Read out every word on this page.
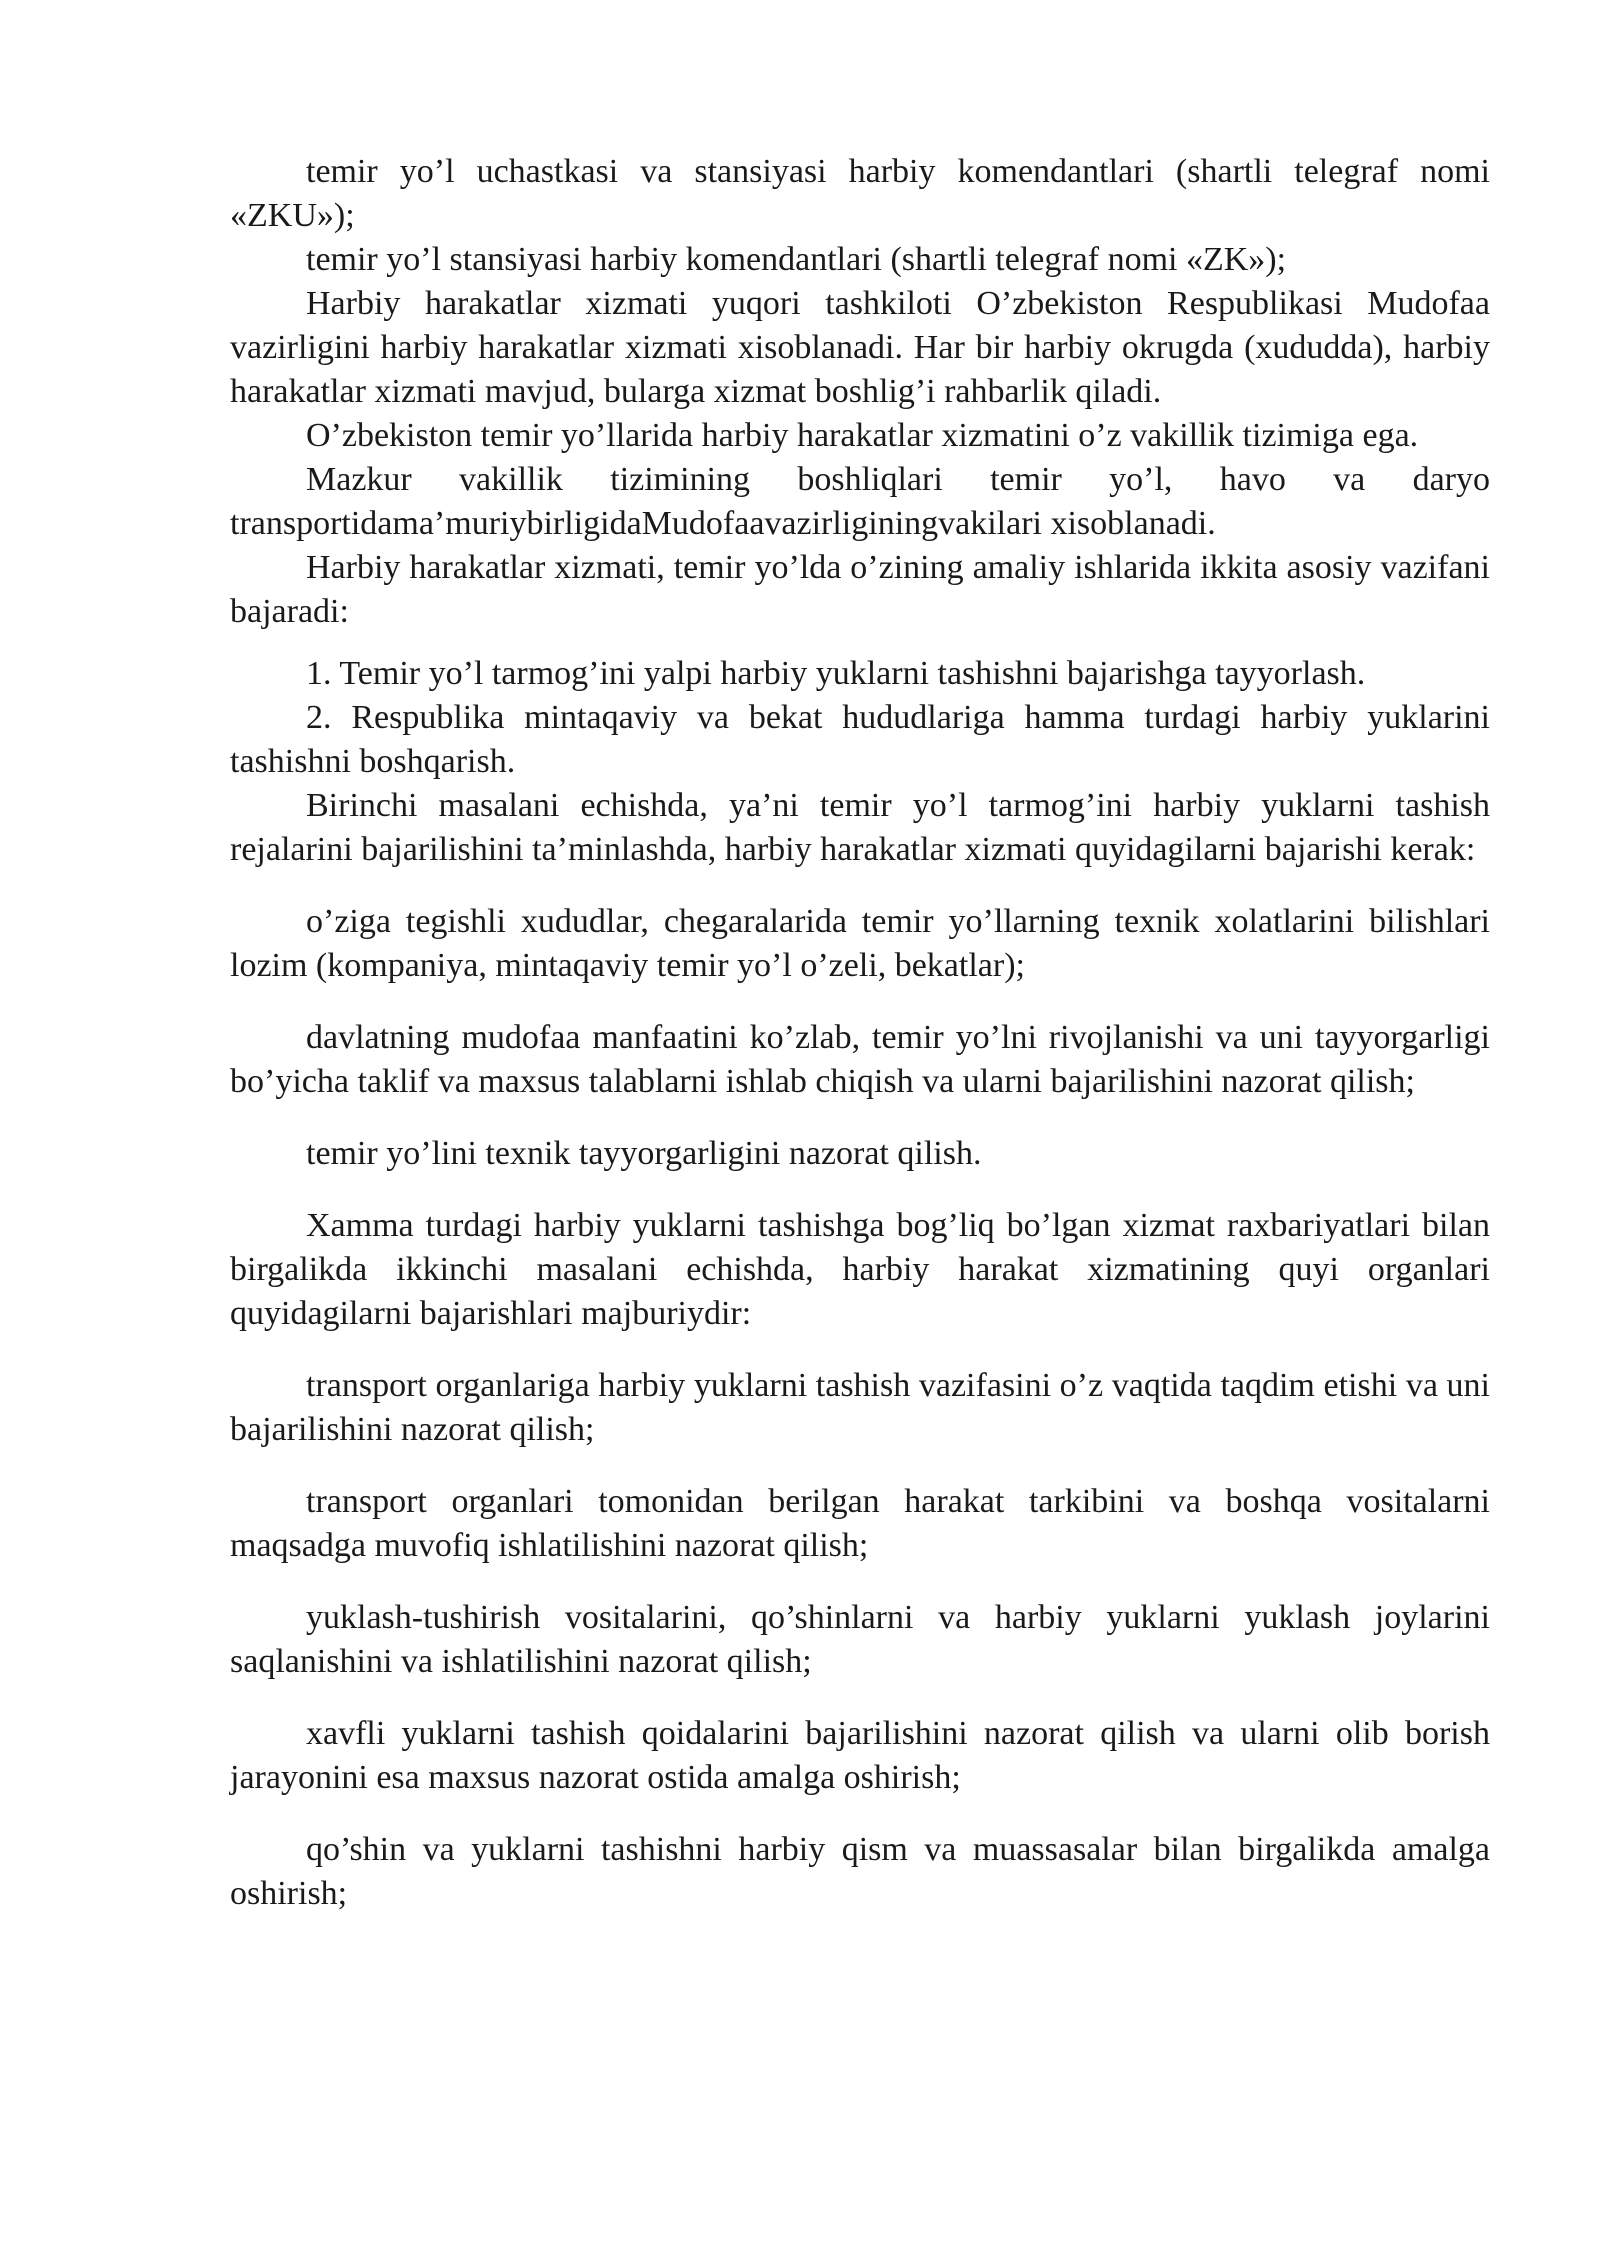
temir yo’l uchastkasi va stansiyasi harbiy komendantlari (shartli telegraf nomi «ZKU»);

temir yo’l stansiyasi harbiy komendantlari (shartli telegraf nomi «ZK»);

Harbiy harakatlar xizmati yuqori tashkiloti O’zbekiston Respublikasi Mudofaa vazirligini harbiy harakatlar xizmati xisoblanadi. Har bir harbiy okrugda (xududda), harbiy harakatlar xizmati mavjud, bularga xizmat boshlig’i rahbarlik qiladi.

O’zbekiston temir yo’llarida harbiy harakatlar xizmatini o’z vakillik tizimiga ega.

Mazkur vakillik tizimining boshliqlari temir yo’l, havo va daryo transportidama’muriybirligidaMudofaavazirliginingvakilari xisoblanadi.

Harbiy harakatlar xizmati, temir yo’lda o’zining amaliy ishlarida ikkita asosiy vazifani bajaradi:

1. Temir yo’l tarmog’ini yalpi harbiy yuklarni tashishni bajarishga tayyorlash.

2. Respublika mintaqaviy va bekat hududlariga hamma turdagi harbiy yuklarini tashishni boshqarish.

Birinchi masalani echishda, ya’ni temir yo’l tarmog’ini harbiy yuklarni tashish rejalarini bajarilishini ta’minlashda, harbiy harakatlar xizmati quyidagilarni bajarishi kerak:

o’ziga tegishli xududlar, chegaralarida temir yo’llarning texnik xolatlarini bilishlari lozim (kompaniya, mintaqaviy temir yo’l o’zeli, bekatlar);

davlatning mudofaa manfaatini ko’zlab, temir yo’lni rivojlanishi va uni tayyorgarligi bo’yicha taklif va maxsus talablarni ishlab chiqish va ularni bajarilishini nazorat qilish;

temir yo’lini texnik tayyorgarligini nazorat qilish.

Xamma turdagi harbiy yuklarni tashishga bog’liq bo’lgan xizmat raxbariyatlari bilan birgalikda ikkinchi masalani echishda, harbiy harakat xizmatining quyi organlari quyidagilarni bajarishlari majburiydir:

transport organlariga harbiy yuklarni tashish vazifasini o’z vaqtida taqdim etishi va uni bajarilishini nazorat qilish;

transport organlari tomonidan berilgan harakat tarkibini va boshqa vositalarni maqsadga muvofiq ishlatilishini nazorat qilish;

yuklash-tushirish vositalarini, qo’shinlarni va harbiy yuklarni yuklash joylarini saqlanishini va ishlatilishini nazorat qilish;

xavfli yuklarni tashish qoidalarini bajarilishini nazorat qilish va ularni olib borish jarayonini esa maxsus nazorat ostida amalga oshirish;

qo’shin va yuklarni tashishni harbiy qism va muassasalar bilan birgalikda amalga oshirish;
